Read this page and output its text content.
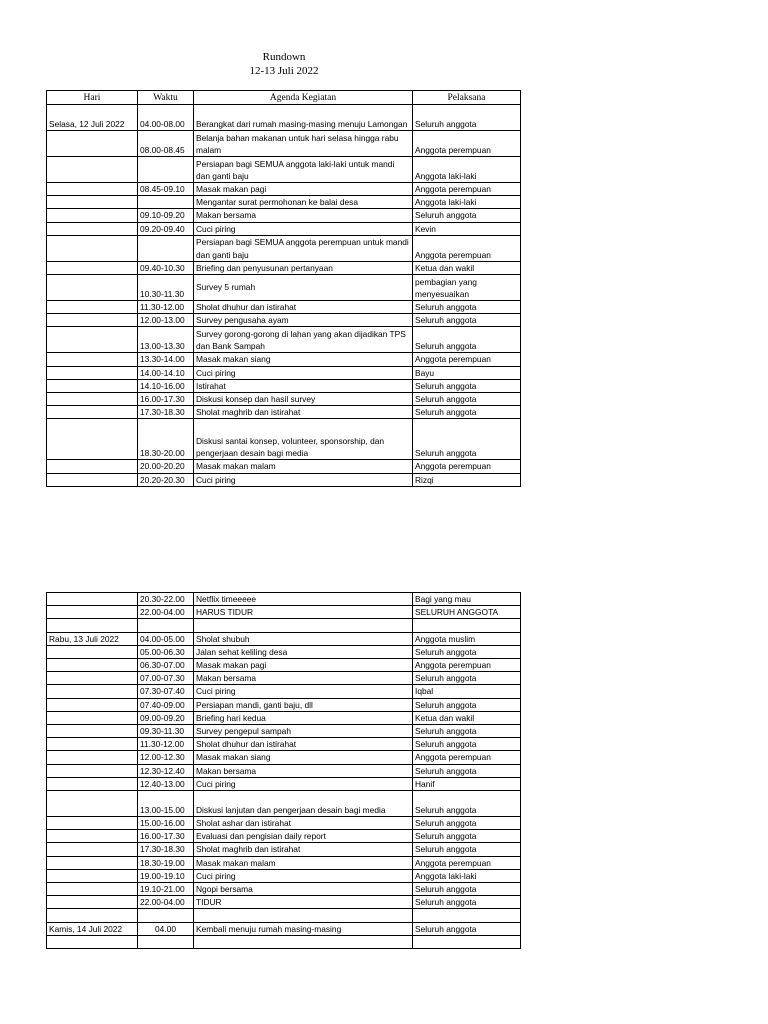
Rundown
12-13 Juli 2022
Hari	Waktu	Agenda Kegiatan	Pelaksana
Selasa, 12 Juli 2022	04.00-08.00	Berangkat dari rumah masing-masing menuju Lamongan	Seluruh anggota
	08.00-08.45	Belanja bahan makanan untuk hari selasa hingga rabu malam	Anggota perempuan
		Persiapan bagi SEMUA anggota laki-laki untuk mandi dan ganti baju	Anggota laki-laki
	08.45-09.10	Masak makan pagi	Anggota perempuan
		Mengantar surat permohonan ke balai desa	Anggota laki-laki
	09.10-09.20	Makan bersama	Seluruh anggota
	09.20-09.40	Cuci piring	Kevin
		Persiapan bagi SEMUA anggota perempuan untuk mandi dan ganti baju	Anggota perempuan
	09.40-10.30	Briefing dan penyusunan pertanyaan	Ketua dan wakil
	10.30-11.30	Survey 5 rumah	pembagian yang menyesuaikan
	11.30-12.00	Sholat dhuhur dan istirahat	Seluruh anggota
	12.00-13.00	Survey pengusaha ayam	Seluruh anggota
	13.00-13.30	Survey gorong-gorong di lahan yang akan dijadikan TPS dan Bank Sampah	Seluruh anggota
	13.30-14.00	Masak makan siang	Anggota perempuan
	14.00-14.10	Cuci piring	Bayu
	14.10-16.00	Istirahat	Seluruh anggota
	16.00-17.30	Diskusi konsep dan hasil survey	Seluruh anggota
	17.30-18.30	Sholat maghrib dan istirahat	Seluruh anggota
	18.30-20.00	Diskusi santai konsep, volunteer, sponsorship, dan pengerjaan desain bagi media	Seluruh anggota
	20.00-20.20	Masak makan malam	Anggota perempuan
	20.20-20.30	Cuci piring	Rizqi
	20.30-22.00	Netflix timeeeee	Bagi yang mau
	22.00-04.00	HARUS TIDUR	SELURUH ANGGOTA

Rabu, 13 Juli 2022	04.00-05.00	Sholat shubuh	Anggota muslim
	05.00-06.30	Jalan sehat keliling desa	Seluruh anggota
	06.30-07.00	Masak makan pagi	Anggota perempuan
	07.00-07.30	Makan bersama	Seluruh anggota
	07.30-07.40	Cuci piring	Iqbal
	07.40-09.00	Persiapan mandi, ganti baju, dll	Seluruh anggota
	09.00-09.20	Briefing hari kedua	Ketua dan wakil
	09.30-11.30	Survey pengepul sampah	Seluruh anggota
	11.30-12.00	Sholat dhuhur dan istirahat	Seluruh anggota
	12.00-12.30	Masak makan siang	Anggota perempuan
	12.30-12.40	Makan bersama	Seluruh anggota
	12.40-13.00	Cuci piring	Hanif
	13.00-15.00	Diskusi lanjutan dan pengerjaan desain bagi media	Seluruh anggota
	15.00-16.00	Sholat ashar dan istirahat	Seluruh anggota
	16.00-17.30	Evaluasi dan pengisian daily report	Seluruh anggota
	17.30-18.30	Sholat maghrib dan istirahat	Seluruh anggota
	18.30-19.00	Masak makan malam	Anggota perempuan
	19.00-19.10	Cuci piring	Anggota laki-laki
	19.10-21.00	Ngopi bersama	Seluruh anggota
	22.00-04.00	TIDUR	Seluruh anggota

Kamis, 14 Juli 2022	04.00	Kembali menuju rumah masing-masing	Seluruh anggota
